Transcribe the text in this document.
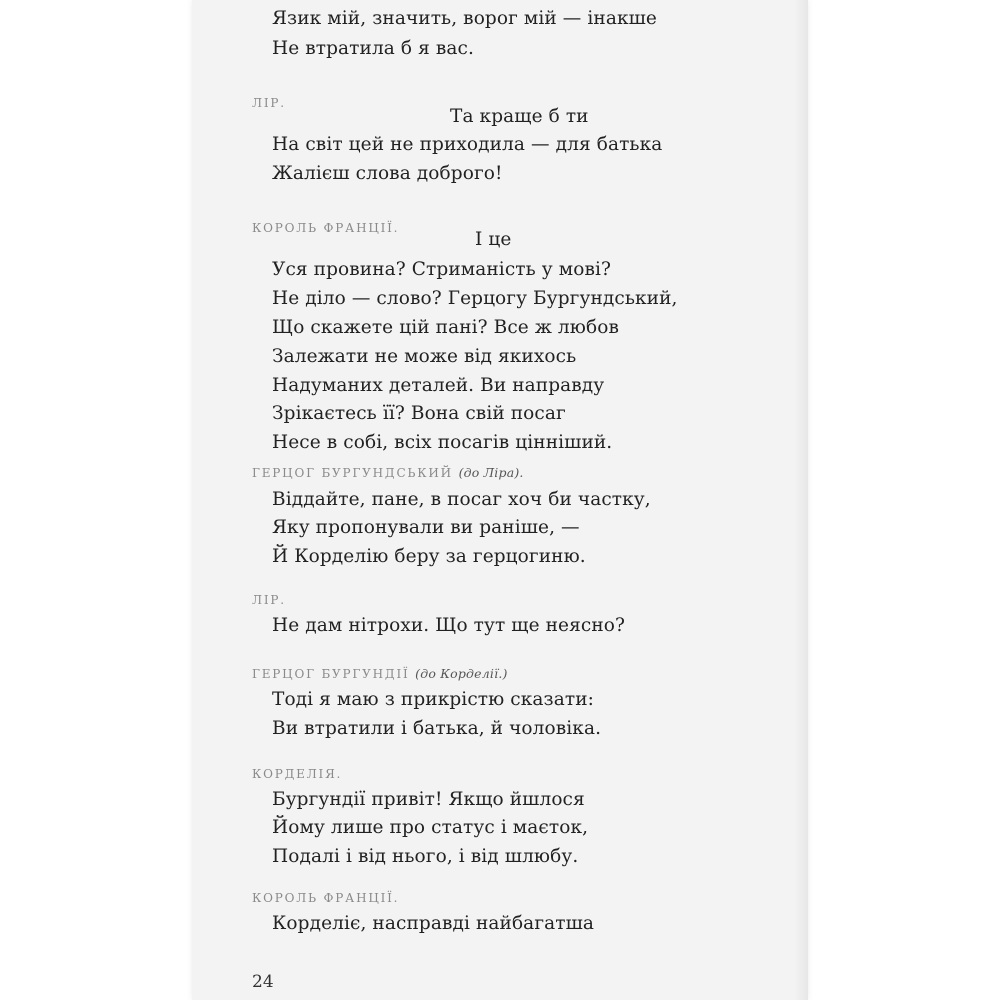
Язик мій, значить, ворог мій — інакше
Не втратила б я вас.
ЛІР.
Та краще б ти
На світ цей не приходила — для батька
Жалієш слова доброго!
КОРОЛЬ ФРАНЦІЇ.
І це
Уся провина? Стриманість у мові?
Не діло — слово? Герцогу Бургундський,
Що скажете цій пані? Все ж любов
Залежати не може від якихось
Надуманих деталей. Ви направду
Зрікаєтесь її? Вона свій посаг
Несе в собі, всіх посагів цінніший.
ГЕРЦОГ БУРГУНДСЬКИЙ (до Ліра).
Віддайте, пане, в посаг хоч би частку,
Яку пропонували ви раніше, —
Й Корделію беру за герцогиню.
ЛІР.
Не дам нітрохи. Що тут ще неясно?
ГЕРЦОГ БУРГУНДІЇ (до Корделії.)
Тоді я маю з прикрістю сказати:
Ви втратили і батька, й чоловіка.
КОРДЕЛІЯ.
Бургундії привіт! Якщо йшлося
Йому лише про статус і маєток,
Подалі і від нього, і від шлюбу.
КОРОЛЬ ФРАНЦІЇ.
Корделіє, насправді найбагатша
24
